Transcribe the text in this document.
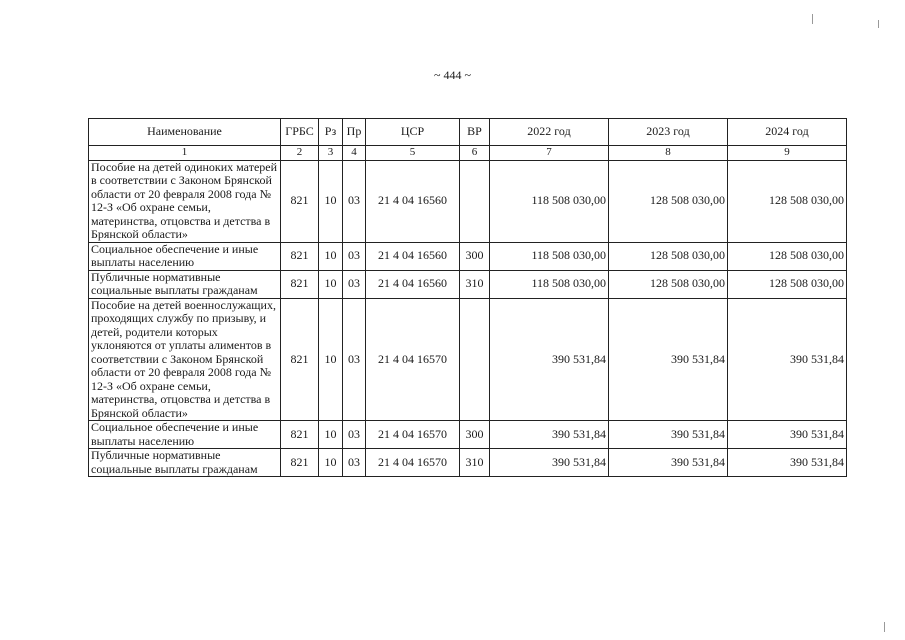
~ 444 ~
Наименование	ГРБС	Рз	Пр	ЦСР	ВР	2022 год	2023 год	2024 год
1	2	3	4	5	6	7	8	9
Пособие на детей одиноких матерей в соответствии с Законом Брянской области от 20 февраля 2008 года № 12-З «Об охране семьи, материнства, отцовства и детства в Брянской области»	821	10	03	21 4 04 16560		118 508 030,00	128 508 030,00	128 508 030,00
Социальное обеспечение и иные выплаты населению	821	10	03	21 4 04 16560	300	118 508 030,00	128 508 030,00	128 508 030,00
Публичные нормативные социальные выплаты гражданам	821	10	03	21 4 04 16560	310	118 508 030,00	128 508 030,00	128 508 030,00
Пособие на детей военнослужащих, проходящих службу по призыву, и детей, родители которых уклоняются от уплаты алиментов в соответствии с Законом Брянской области от 20 февраля 2008 года № 12-З «Об охране семьи, материнства, отцовства и детства в Брянской области»	821	10	03	21 4 04 16570		390 531,84	390 531,84	390 531,84
Социальное обеспечение и иные выплаты населению	821	10	03	21 4 04 16570	300	390 531,84	390 531,84	390 531,84
Публичные нормативные социальные выплаты гражданам	821	10	03	21 4 04 16570	310	390 531,84	390 531,84	390 531,84
